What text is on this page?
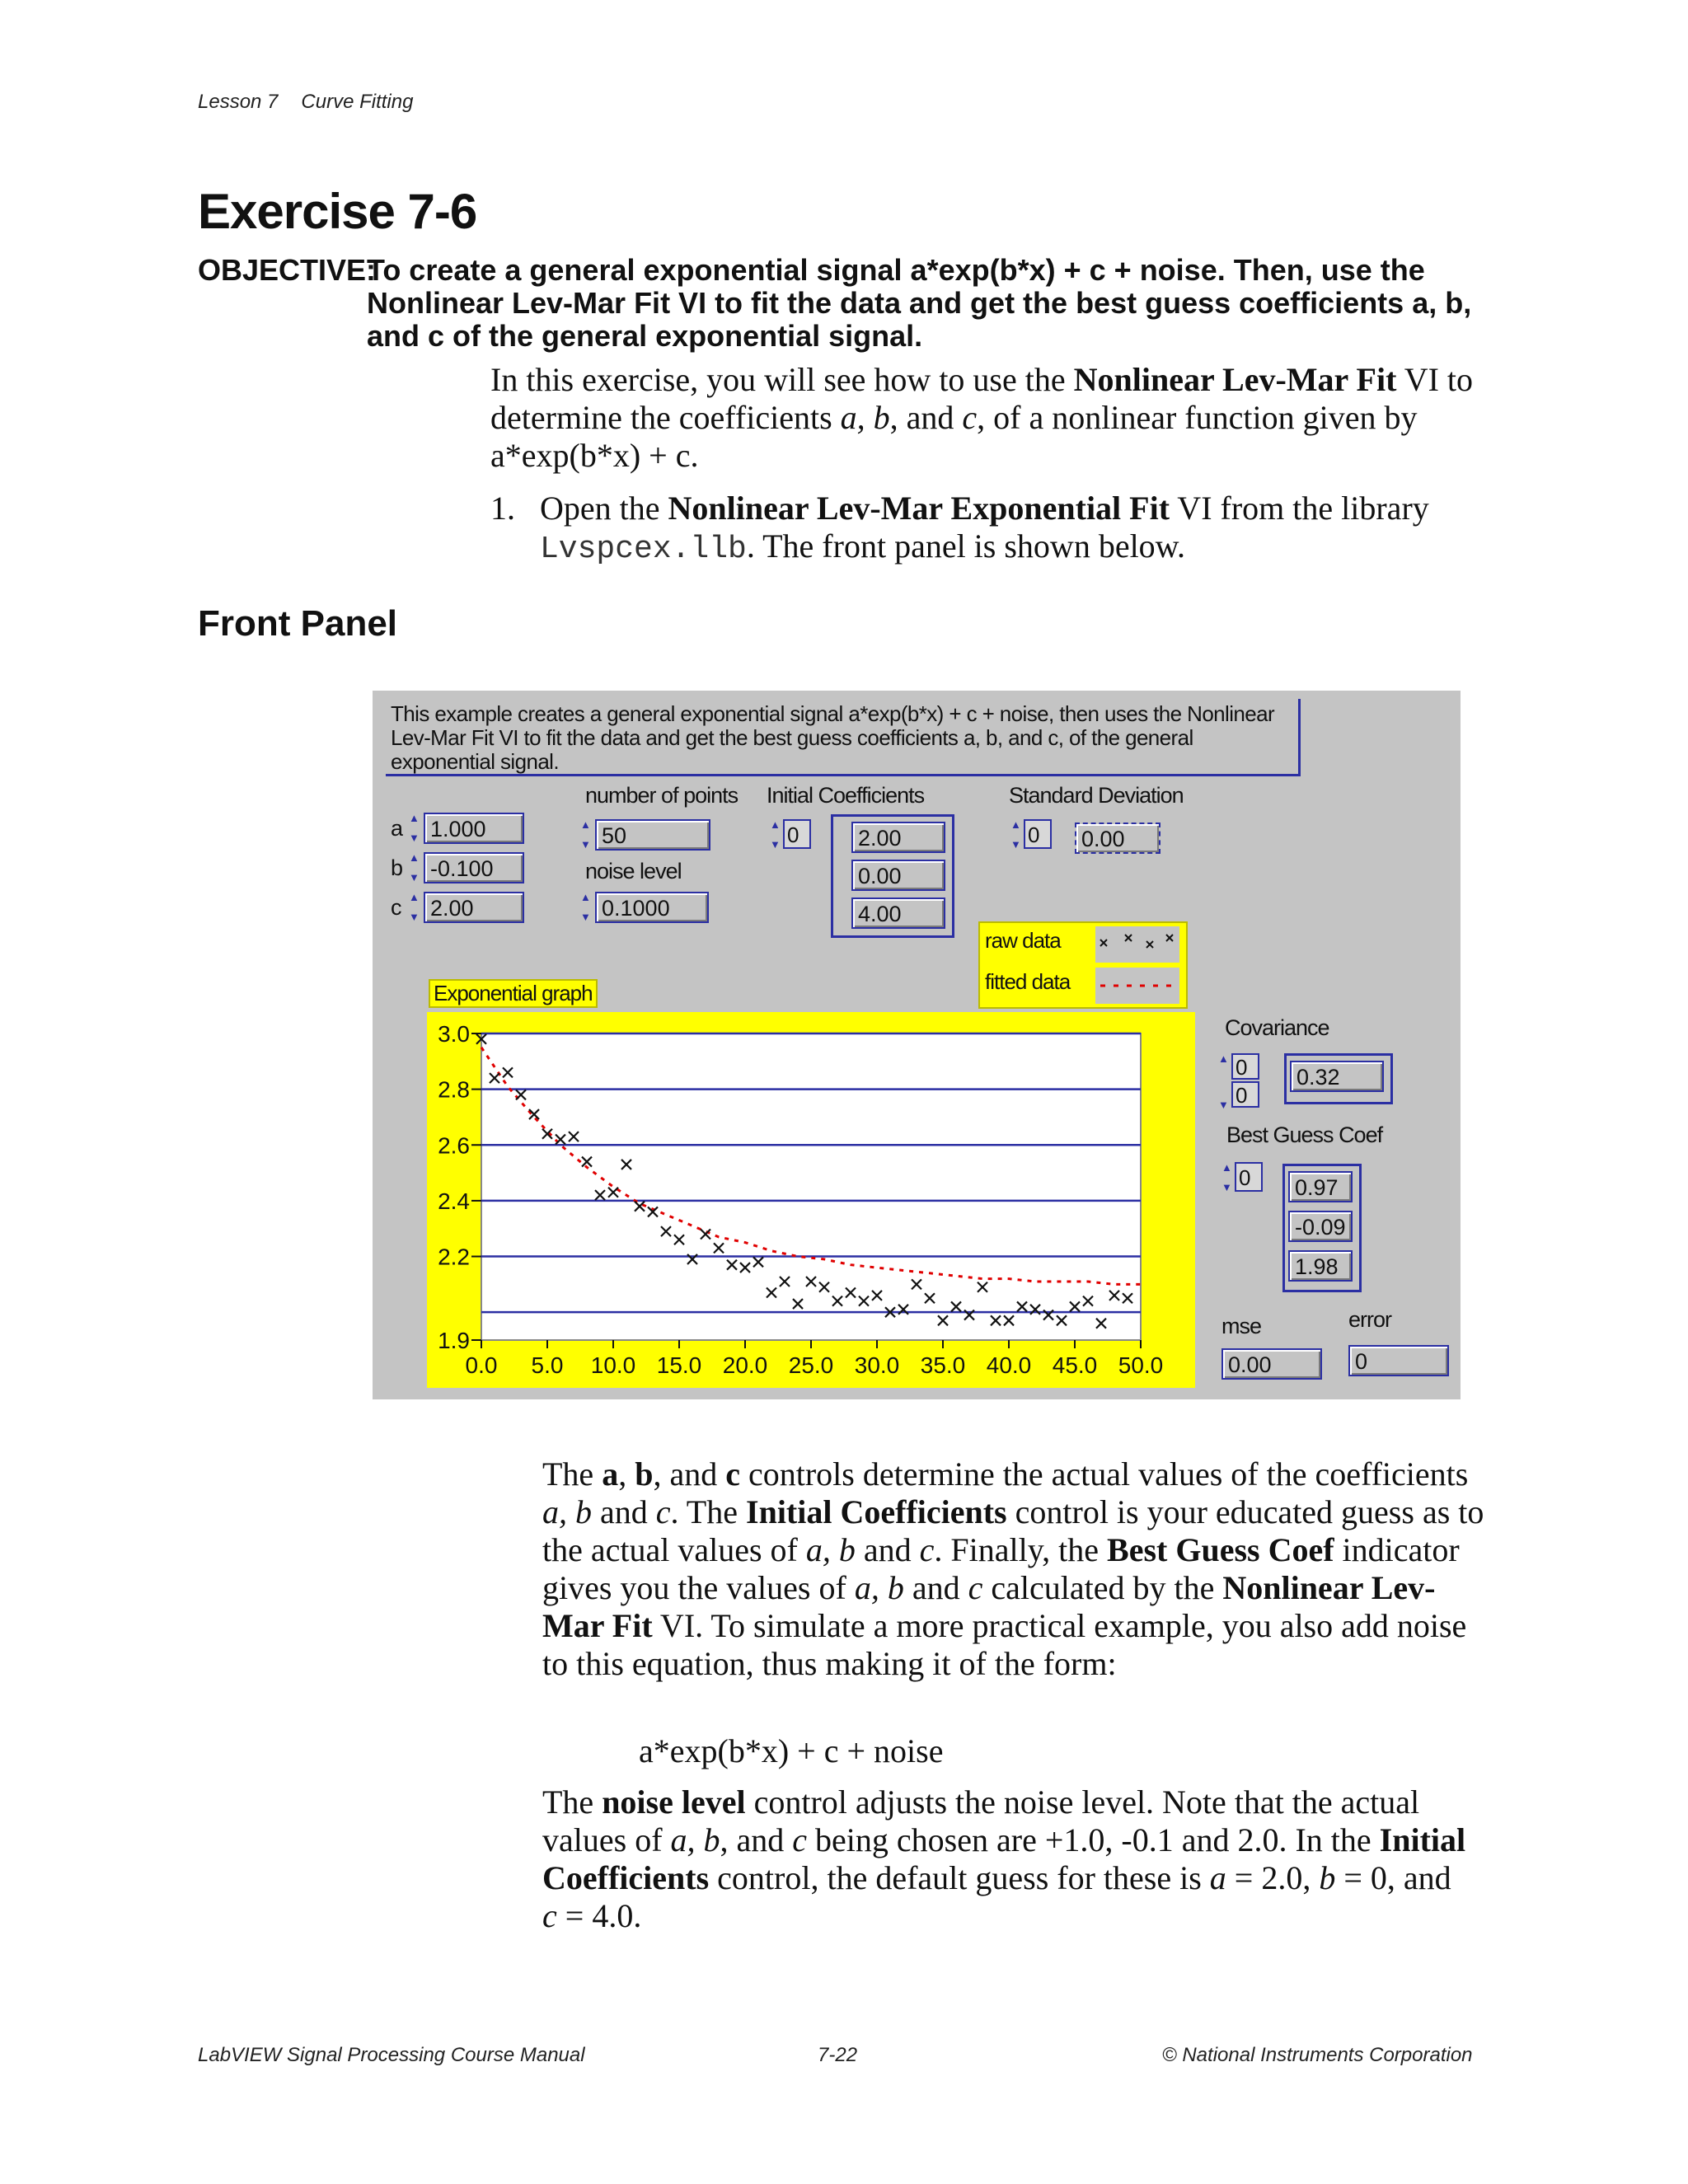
Lesson 7 Curve Fitting
Exercise 7-6
OBJECTIVE:
To create a general exponential signal a*exp(b*x) + c + noise. Then, use the Nonlinear Lev-Mar Fit VI to fit the data and get the best guess coefficients a, b, and c of the general exponential signal.
In this exercise, you will see how to use the Nonlinear Lev-Mar Fit VI to determine the coefficients a, b, and c, of a nonlinear function given by a*exp(b*x) + c.
1. Open the Nonlinear Lev-Mar Exponential Fit VI from the library Lvspcex.llb. The front panel is shown below.
Front Panel
This example creates a general exponential signal a*exp(b*x) + c + noise, then uses the Nonlinear Lev-Mar Fit VI to fit the data and get the best guess coefficients a, b, and c, of the general exponential signal.
a ▲ ▼ 1.000
b ▲ ▼ -0.100
c ▲ ▼ 2.00
number of points
▲ ▼
50
noise level
▲ ▼
0.1000
Initial Coefficients
▲ ▼
0	2.00
0.00
4.00
Standard Deviation
▲ ▼
0	0.00
raw data
fitted data
Exponential graph
3.0
2.8
2.6
2.4
2.2
1.9
0.0 5.0 10.0 15.0 20.0 25.0 30.0 35.0 40.0 45.0 50.0
Covariance
▲ ▼
0
0
0.32
Best Guess Coef
▲ ▼
0	0.97
-0.09
1.98
mse
0.00
error
0
The a, b, and c controls determine the actual values of the coefficients a, b and c. The Initial Coefficients control is your educated guess as to the actual values of a, b and c. Finally, the Best Guess Coef indicator gives you the values of a, b and c calculated by the Nonlinear Lev-Mar Fit VI. To simulate a more practical example, you also add noise to this equation, thus making it of the form:
a*exp(b*x) + c + noise
The noise level control adjusts the noise level. Note that the actual values of a, b, and c being chosen are +1.0, -0.1 and 2.0. In the Initial Coefficients control, the default guess for these is a = 2.0, b = 0, and
c = 4.0.
LabVIEW Signal Processing Course Manual	7-22	© National Instruments Corporation
